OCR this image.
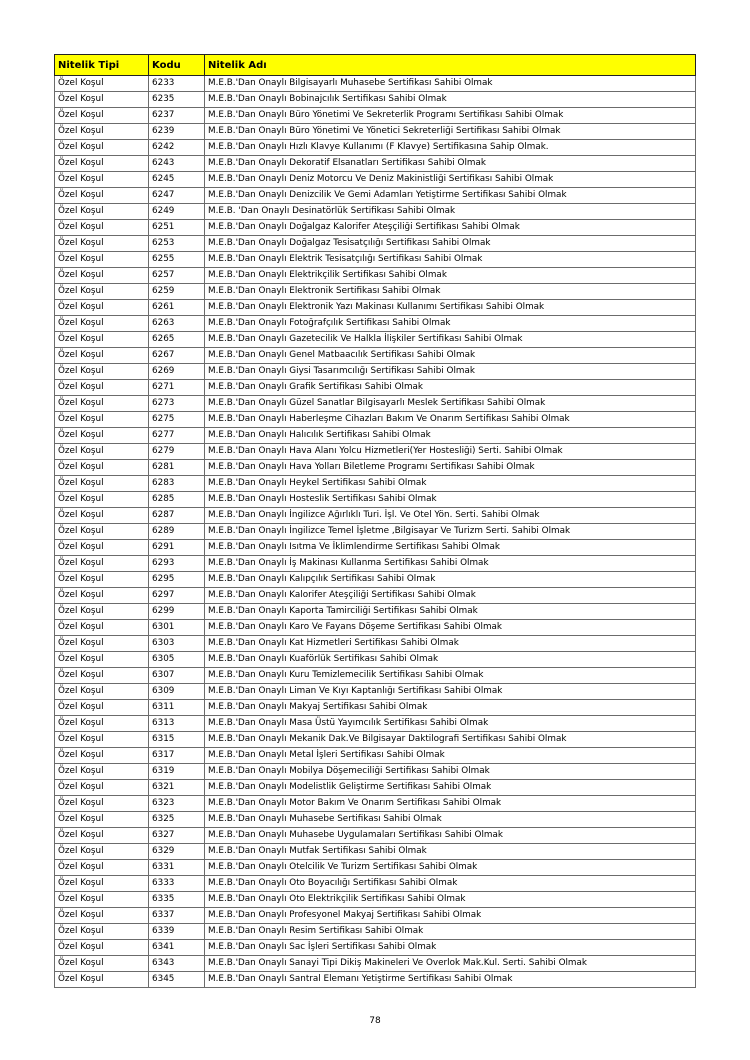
Nitelik Tipi	Kodu	Nitelik Adı
Özel Koşul	6233	M.E.B.'Dan Onaylı Bilgisayarlı Muhasebe Sertifikası Sahibi Olmak
Özel Koşul	6235	M.E.B.'Dan Onaylı Bobinajcılık Sertifikası Sahibi Olmak
Özel Koşul	6237	M.E.B.'Dan Onaylı Büro Yönetimi Ve Sekreterlik Programı Sertifikası Sahibi Olmak
Özel Koşul	6239	M.E.B.'Dan Onaylı Büro Yönetimi Ve Yönetici Sekreterliği Sertifikası Sahibi Olmak
Özel Koşul	6242	M.E.B.'Dan Onaylı Hızlı Klavye Kullanımı (F Klavye) Sertifikasına Sahip Olmak.
Özel Koşul	6243	M.E.B.'Dan Onaylı Dekoratif Elsanatları Sertifikası Sahibi Olmak
Özel Koşul	6245	M.E.B.'Dan Onaylı Deniz Motorcu Ve Deniz Makinistliği Sertifikası Sahibi Olmak
Özel Koşul	6247	M.E.B.'Dan Onaylı Denizcilik Ve Gemi Adamları Yetiştirme Sertifikası Sahibi Olmak
Özel Koşul	6249	M.E.B. 'Dan Onaylı Desinatörlük Sertifikası Sahibi Olmak
Özel Koşul	6251	M.E.B.'Dan Onaylı Doğalgaz Kalorifer Ateşçiliği Sertifikası Sahibi Olmak
Özel Koşul	6253	M.E.B.'Dan Onaylı Doğalgaz Tesisatçılığı Sertifikası Sahibi Olmak
Özel Koşul	6255	M.E.B.'Dan Onaylı Elektrik Tesisatçılığı Sertifikası Sahibi Olmak
Özel Koşul	6257	M.E.B.'Dan Onaylı Elektrikçilik Sertifikası Sahibi Olmak
Özel Koşul	6259	M.E.B.'Dan Onaylı Elektronik Sertifikası Sahibi Olmak
Özel Koşul	6261	M.E.B.'Dan Onaylı Elektronik Yazı Makinası Kullanımı Sertifikası Sahibi Olmak
Özel Koşul	6263	M.E.B.'Dan Onaylı Fotoğrafçılık Sertifikası Sahibi Olmak
Özel Koşul	6265	M.E.B.'Dan Onaylı Gazetecilik Ve Halkla İlişkiler Sertifikası Sahibi Olmak
Özel Koşul	6267	M.E.B.'Dan Onaylı Genel Matbaacılık Sertifikası Sahibi Olmak
Özel Koşul	6269	M.E.B.'Dan Onaylı Giysi Tasarımcılığı Sertifikası Sahibi Olmak
Özel Koşul	6271	M.E.B.'Dan Onaylı Grafik Sertifikası Sahibi Olmak
Özel Koşul	6273	M.E.B.'Dan Onaylı Güzel Sanatlar Bilgisayarlı Meslek Sertifikası Sahibi Olmak
Özel Koşul	6275	M.E.B.'Dan Onaylı Haberleşme Cihazları Bakım Ve Onarım Sertifikası Sahibi Olmak
Özel Koşul	6277	M.E.B.'Dan Onaylı Halıcılık Sertifikası Sahibi Olmak
Özel Koşul	6279	M.E.B.'Dan Onaylı Hava Alanı Yolcu Hizmetleri(Yer Hostesliği) Serti. Sahibi Olmak
Özel Koşul	6281	M.E.B.'Dan Onaylı Hava Yolları Biletleme Programı Sertifikası Sahibi Olmak
Özel Koşul	6283	M.E.B.'Dan Onaylı Heykel Sertifikası Sahibi Olmak
Özel Koşul	6285	M.E.B.'Dan Onaylı Hosteslik Sertifikası Sahibi Olmak
Özel Koşul	6287	M.E.B.'Dan Onaylı İngilizce Ağırlıklı Turi. İşl. Ve Otel Yön. Serti. Sahibi Olmak
Özel Koşul	6289	M.E.B.'Dan Onaylı İngilizce Temel İşletme ,Bilgisayar Ve Turizm Serti. Sahibi Olmak
Özel Koşul	6291	M.E.B.'Dan Onaylı Isıtma Ve İklimlendirme Sertifikası Sahibi Olmak
Özel Koşul	6293	M.E.B.'Dan Onaylı İş Makinası Kullanma Sertifikası Sahibi Olmak
Özel Koşul	6295	M.E.B.'Dan Onaylı Kalıpçılık Sertifikası Sahibi Olmak
Özel Koşul	6297	M.E.B.'Dan Onaylı Kalorifer Ateşçiliği Sertifikası Sahibi Olmak
Özel Koşul	6299	M.E.B.'Dan Onaylı Kaporta Tamirciliği Sertifikası Sahibi Olmak
Özel Koşul	6301	M.E.B.'Dan Onaylı Karo Ve Fayans Döşeme Sertifikası Sahibi Olmak
Özel Koşul	6303	M.E.B.'Dan Onaylı Kat Hizmetleri Sertifikası Sahibi Olmak
Özel Koşul	6305	M.E.B.'Dan Onaylı Kuaförlük Sertifikası Sahibi Olmak
Özel Koşul	6307	M.E.B.'Dan Onaylı Kuru Temizlemecilik Sertifikası Sahibi Olmak
Özel Koşul	6309	M.E.B.'Dan Onaylı Liman Ve Kıyı Kaptanlığı Sertifikası Sahibi Olmak
Özel Koşul	6311	M.E.B.'Dan Onaylı Makyaj Sertifikası Sahibi Olmak
Özel Koşul	6313	M.E.B.'Dan Onaylı Masa Üstü Yayımcılık Sertifikası Sahibi Olmak
Özel Koşul	6315	M.E.B.'Dan Onaylı Mekanik Dak.Ve Bilgisayar Daktilografi Sertifikası Sahibi Olmak
Özel Koşul	6317	M.E.B.'Dan Onaylı Metal İşleri Sertifikası Sahibi Olmak
Özel Koşul	6319	M.E.B.'Dan Onaylı Mobilya Döşemeciliği Sertifikası Sahibi Olmak
Özel Koşul	6321	M.E.B.'Dan Onaylı Modelistlik Geliştirme Sertifikası Sahibi Olmak
Özel Koşul	6323	M.E.B.'Dan Onaylı Motor Bakım Ve Onarım Sertifikası Sahibi Olmak
Özel Koşul	6325	M.E.B.'Dan Onaylı Muhasebe Sertifikası Sahibi Olmak
Özel Koşul	6327	M.E.B.'Dan Onaylı Muhasebe Uygulamaları Sertifikası Sahibi Olmak
Özel Koşul	6329	M.E.B.'Dan Onaylı Mutfak Sertifikası Sahibi Olmak
Özel Koşul	6331	M.E.B.'Dan Onaylı Otelcilik Ve Turizm Sertifikası Sahibi Olmak
Özel Koşul	6333	M.E.B.'Dan Onaylı Oto Boyacılığı Sertifikası Sahibi Olmak
Özel Koşul	6335	M.E.B.'Dan Onaylı Oto Elektrikçilik Sertifikası Sahibi Olmak
Özel Koşul	6337	M.E.B.'Dan Onaylı Profesyonel Makyaj Sertifikası Sahibi Olmak
Özel Koşul	6339	M.E.B.'Dan Onaylı Resim Sertifikası Sahibi Olmak
Özel Koşul	6341	M.E.B.'Dan Onaylı Sac İşleri Sertifikası Sahibi Olmak
Özel Koşul	6343	M.E.B.'Dan Onaylı Sanayi Tipi Dikiş Makineleri Ve Overlok Mak.Kul. Serti. Sahibi Olmak
Özel Koşul	6345	M.E.B.'Dan Onaylı Santral Elemanı Yetiştirme Sertifikası Sahibi Olmak
78
